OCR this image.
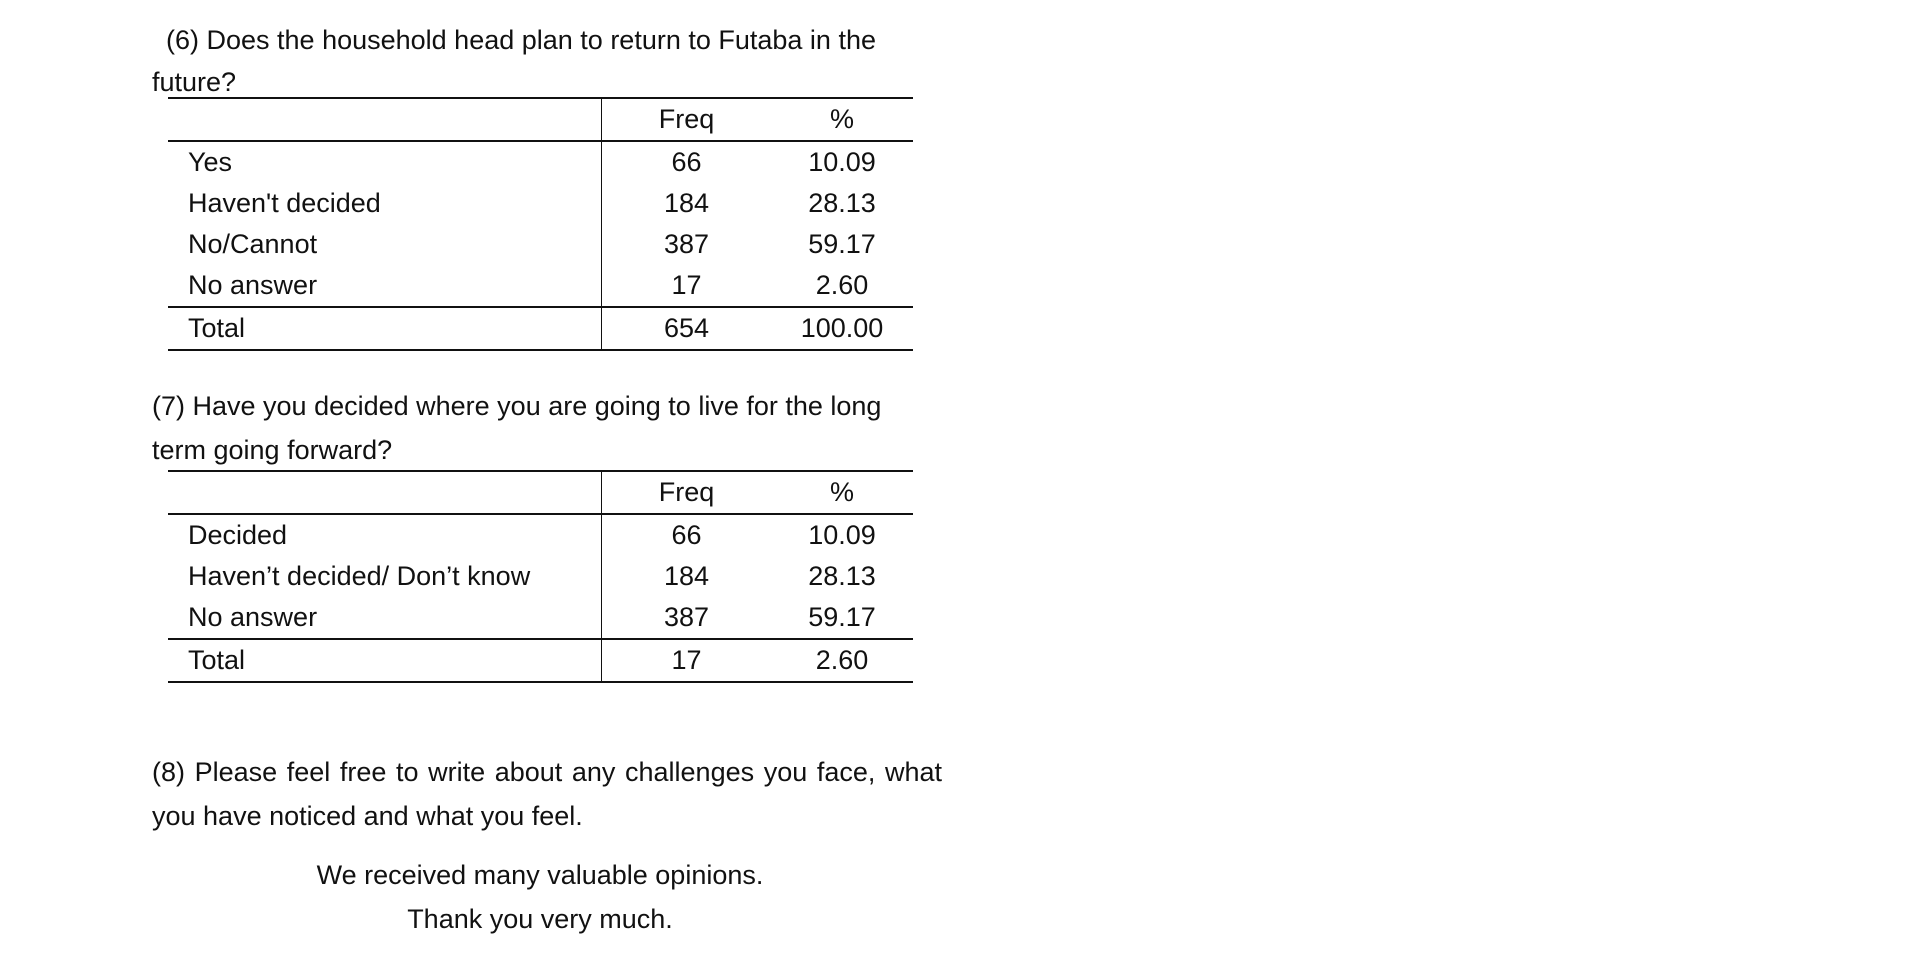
(6) Does the household head plan to return to Futaba in the future?

	Freq	%
Yes	66	10.09
Haven't decided	184	28.13
No/Cannot	387	59.17
No answer	17	2.60
Total	654	100.00

(7) Have you decided where you are going to live for the long term going forward?

	Freq	%
Decided	66	10.09
Haven’t decided/ Don’t know	184	28.13
No answer	387	59.17
Total	17	2.60

(8) Please feel free to write about any challenges you face, what you have noticed and what you feel.

We received many valuable opinions.
Thank you very much.
